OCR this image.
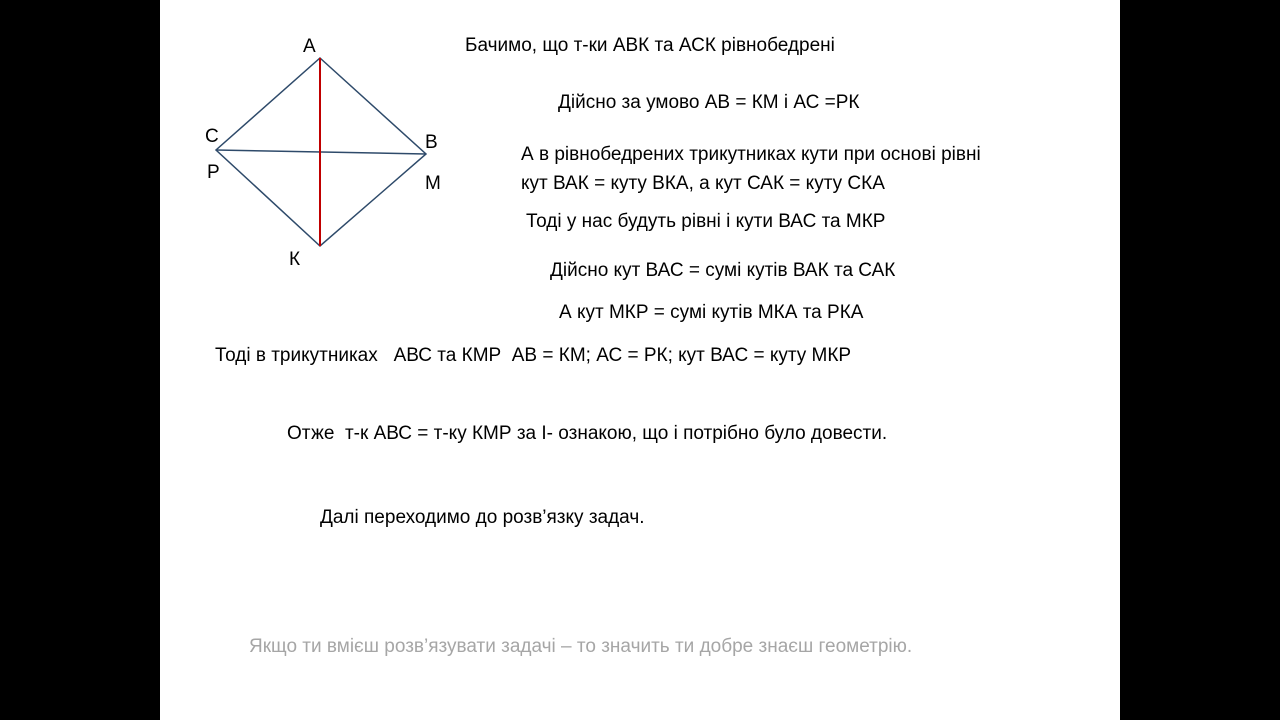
А
С
Р
В
М
К

Бачимо, що т-ки АВК та АСК рівнобедрені

Дійсно за умово АВ = КМ і АС =РК

А в рівнобедрених трикутниках кути при основі рівні

кут ВАК = куту ВКА, а кут САК = куту СКА

Тоді у нас будуть рівні і кути ВАС та МКР

Дійсно кут ВАС = сумі кутів ВАК та САК

А кут МКР = сумі кутів МКА та РКА

Тоді в трикутниках   АВС та КМР  АВ = КМ; АС = РК; кут ВАС = куту МКР

Отже  т-к АВС = т-ку КМР за І- ознакою, що і потрібно було довести.

Далі переходимо до розв’язку задач.

Якщо ти вмієш розв’язувати задачі – то значить ти добре знаєш геометрію.
